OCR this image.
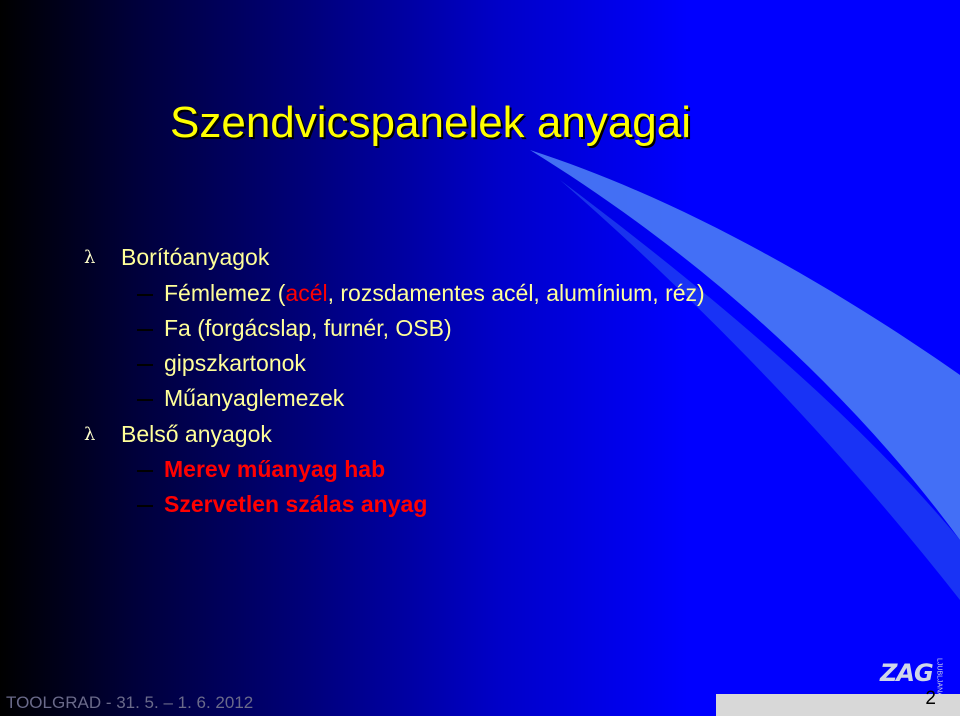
Szendvicspanelek anyagai
λ Borítóanyagok
Fémlemez (acél, rozsdamentes acél, alumínium, réz)
Fa (forgácslap, furnér, OSB)
gipszkartonok
Műanyaglemezek
λ Belső anyagok
Merev műanyag hab
Szervetlen szálas anyag
ZAG LJUBLJANA
TOOLGRAD - 31. 5. – 1. 6. 2012	2
